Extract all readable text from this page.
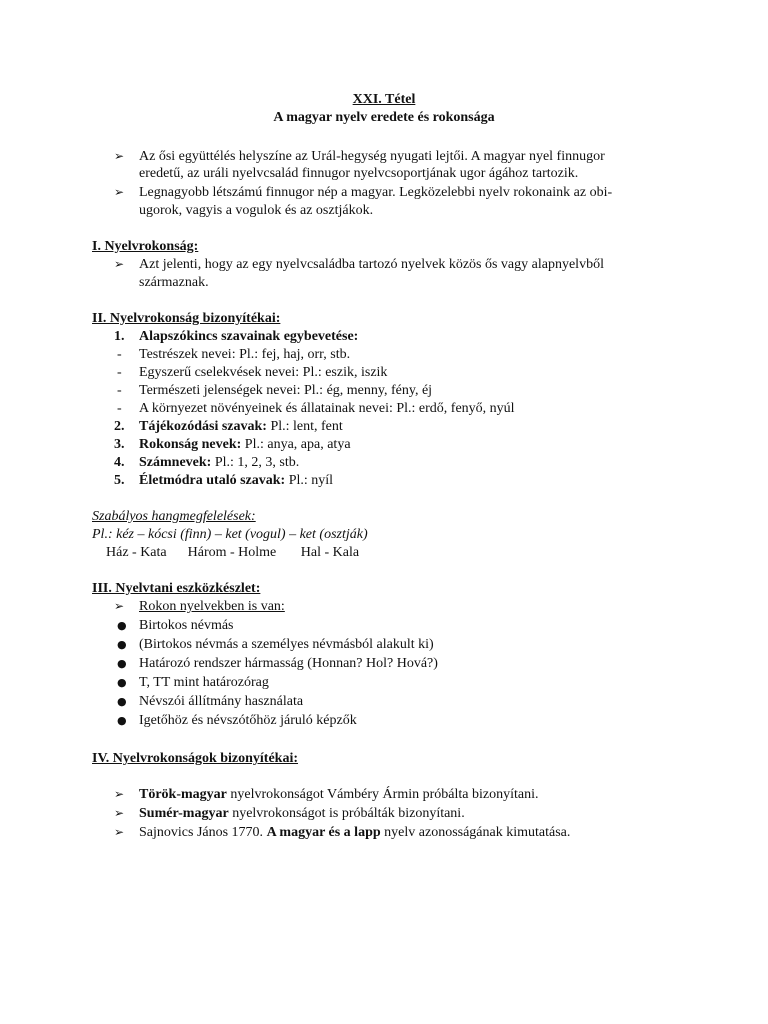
XXI. Tétel
A magyar nyelv eredete és rokonsága
➢	Az ősi együttélés helyszíne az Urál-hegység nyugati lejtői. A magyar nyel finnugor
eredetű, az uráli nyelvcsalád finnugor nyelvcsoportjának ugor ágához tartozik.
➢	Legnagyobb létszámú finnugor nép a magyar. Legközelebbi nyelv rokonaink az obi-
ugorok, vagyis a vogulok és az osztjákok.
I. Nyelvrokonság:
➢	Azt jelenti, hogy az egy nyelvcsaládba tartozó nyelvek közös ős vagy alapnyelvből
származnak.
II. Nyelvrokonság bizonyítékai:
1.	Alapszókincs szavainak egybevetése:
- Testrészek nevei: Pl.: fej, haj, orr, stb.
- Egyszerű cselekvések nevei: Pl.: eszik, iszik
- Természeti jelenségek nevei: Pl.: ég, menny, fény, éj
- A környezet növényeinek és állatainak nevei: Pl.: erdő, fenyő, nyúl
2.	Tájékozódási szavak: Pl.: lent, fent
3.	Rokonság nevek: Pl.: anya, apa, atya
4.	Számnevek: Pl.: 1, 2, 3, stb.
5.	Életmódra utaló szavak: Pl.: nyíl
Szabályos hangmegfelelések:
Pl.: kéz – kócsi (finn) – ket (vogul) – ket (osztják)
Ház - Kata      Három - Holme       Hal - Kala
III. Nyelvtani eszközkészlet:
➢	Rokon nyelvekben is van:
● Birtokos névmás
● (Birtokos névmás a személyes névmásból alakult ki)
● Határozó rendszer hármasság (Honnan? Hol? Hová?)
● T, TT mint határozórag
● Névszói állítmány használata
● Igetőhöz és névszótőhöz járuló képzők
IV. Nyelvrokonságok bizonyítékai:
➢	Török-magyar nyelvrokonságot Vámbéry Ármin próbálta bizonyítani.
➢	Sumér-magyar nyelvrokonságot is próbálták bizonyítani.
➢	Sajnovics János 1770. A magyar és a lapp nyelv azonosságának kimutatása.
